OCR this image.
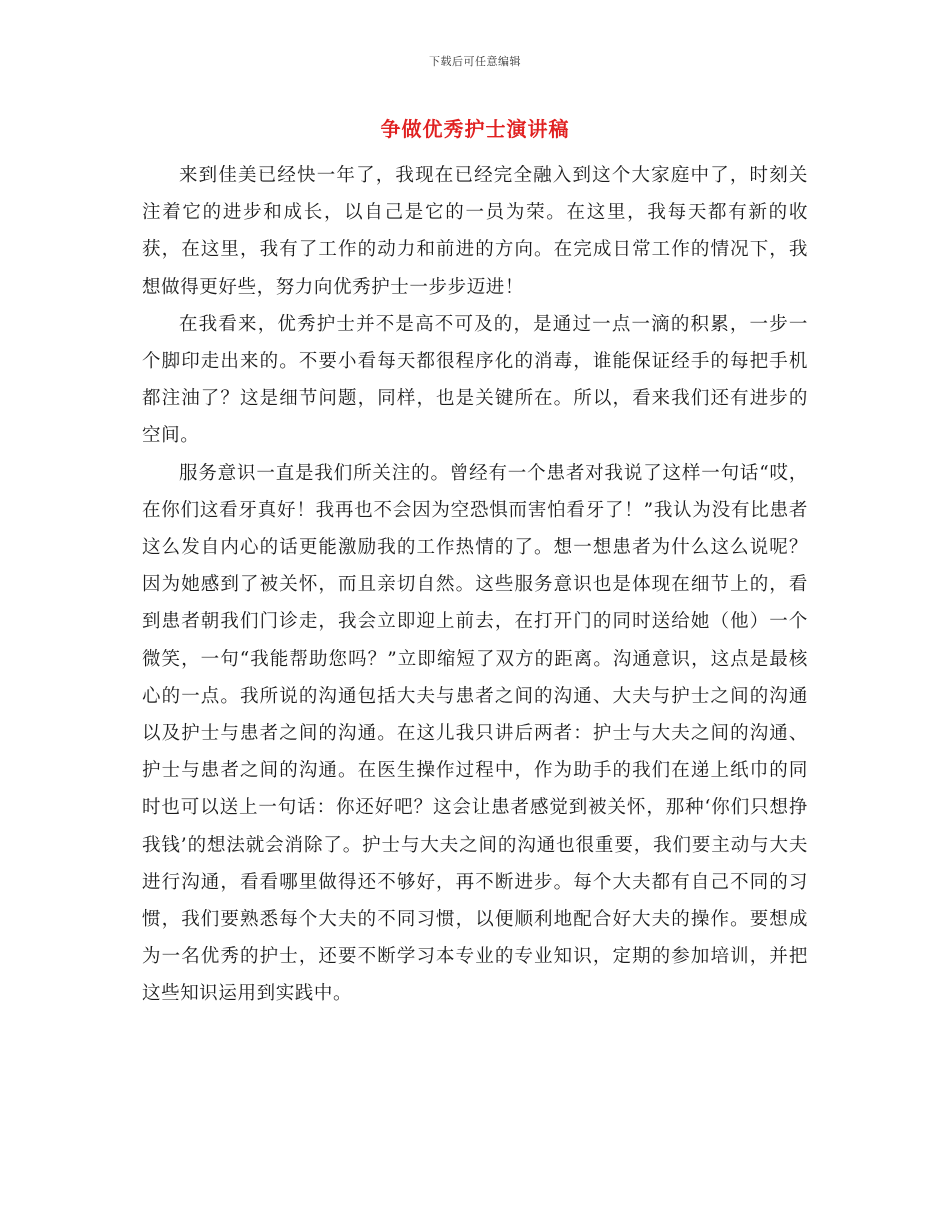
下载后可任意编辑
争做优秀护士演讲稿

来到佳美已经快一年了，我现在已经完全融入到这个大家庭中了，时刻关注着它的进步和成长，以自己是它的一员为荣。在这里，我每天都有新的收获，在这里，我有了工作的动力和前进的方向。在完成日常工作的情况下，我想做得更好些，努力向优秀护士一步步迈进！

在我看来，优秀护士并不是高不可及的，是通过一点一滴的积累，一步一个脚印走出来的。不要小看每天都很程序化的消毒，谁能保证经手的每把手机都注油了？这是细节问题，同样，也是关键所在。所以，看来我们还有进步的空间。

服务意识一直是我们所关注的。曾经有一个患者对我说了这样一句话“哎，在你们这看牙真好！我再也不会因为空恐惧而害怕看牙了！”我认为没有比患者这么发自内心的话更能激励我的工作热情的了。想一想患者为什么这么说呢？因为她感到了被关怀，而且亲切自然。这些服务意识也是体现在细节上的，看到患者朝我们门诊走，我会立即迎上前去，在打开门的同时送给她（他）一个微笑，一句“我能帮助您吗？”立即缩短了双方的距离。沟通意识，这点是最核心的一点。我所说的沟通包括大夫与患者之间的沟通、大夫与护士之间的沟通以及护士与患者之间的沟通。在这儿我只讲后两者：护士与大夫之间的沟通、护士与患者之间的沟通。在医生操作过程中，作为助手的我们在递上纸巾的同时也可以送上一句话：你还好吧？这会让患者感觉到被关怀，那种‘你们只想挣我钱’的想法就会消除了。护士与大夫之间的沟通也很重要，我们要主动与大夫进行沟通，看看哪里做得还不够好，再不断进步。每个大夫都有自己不同的习惯，我们要熟悉每个大夫的不同习惯，以便顺利地配合好大夫的操作。要想成为一名优秀的护士，还要不断学习本专业的专业知识，定期的参加培训，并把这些知识运用到实践中。
